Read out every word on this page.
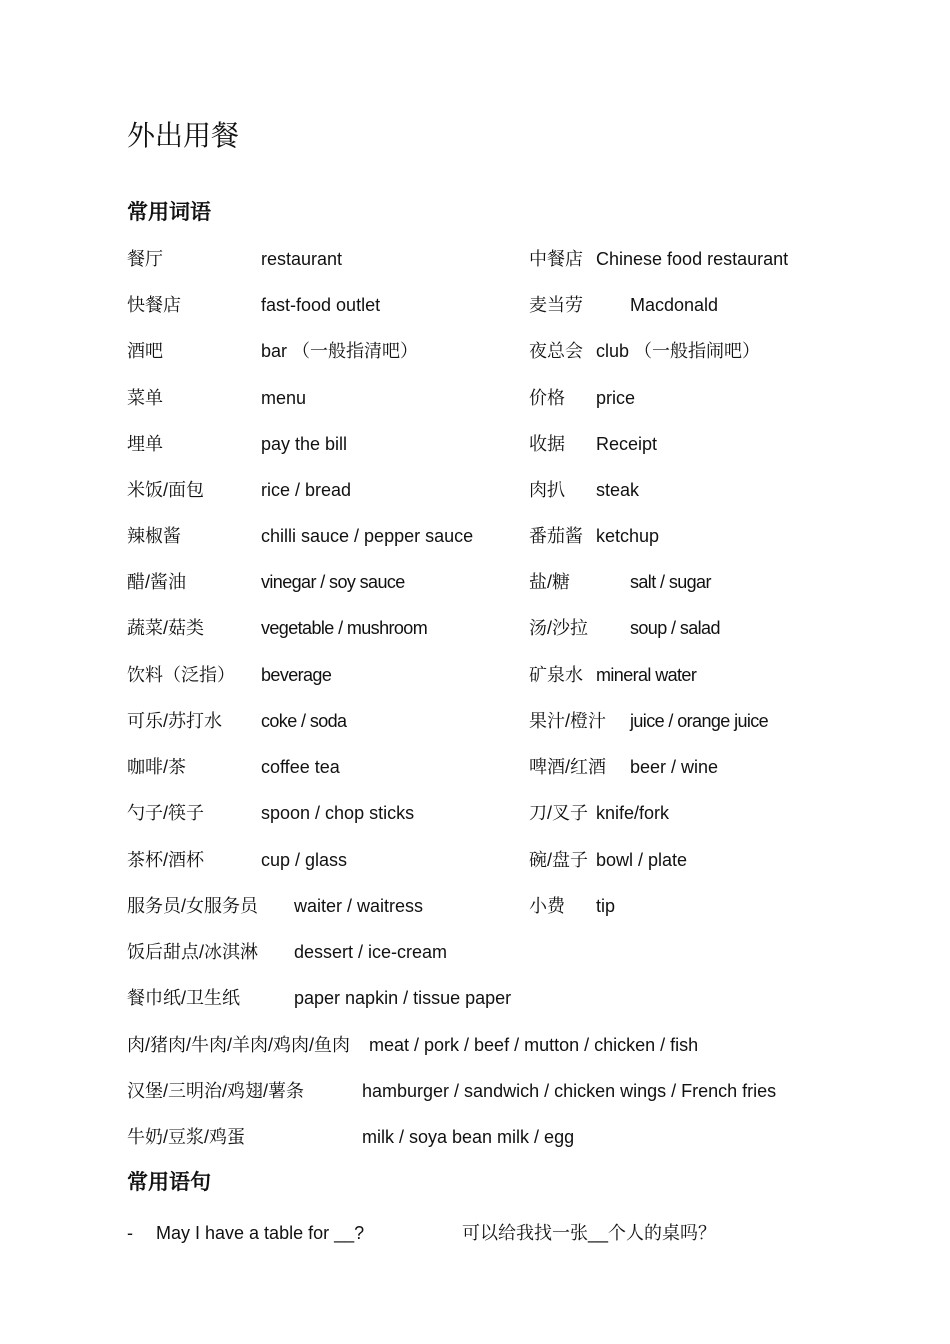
外出用餐
常用词语
餐厅	restaurant	中餐店 Chinese food restaurant
快餐店	fast-food outlet	麦当劳	Macdonald
酒吧	bar （一般指清吧）	夜总会 club （一般指闹吧）
菜单	menu	价格 price
埋单	pay the bill	收据 Receipt
米饭/面包	rice / bread	肉扒 steak
辣椒酱	chilli sauce / pepper sauce	番茄酱 ketchup
醋/酱油	vinegar / soy sauce	盐/糖	salt / sugar
蔬菜/菇类	vegetable / mushroom	汤/沙拉 soup / salad
饮料（泛指） beverage	矿泉水 mineral water
可乐/苏打水 coke / soda	果汁/橙汁 juice / orange juice
咖啡/茶	coffee tea	啤酒/红酒 beer / wine
勺子/筷子	spoon / chop sticks	刀/叉子 knife/fork
茶杯/酒杯	cup / glass	碗/盘子 bowl / plate
服务员/女服务员 waiter / waitress	小费 tip
饭后甜点/冰淇淋 dessert / ice-cream
餐巾纸/卫生纸	paper napkin / tissue paper
肉/猪肉/牛肉/羊肉/鸡肉/鱼肉 meat / pork / beef / mutton / chicken / fish
汉堡/三明治/鸡翅/薯条	hamburger / sandwich / chicken wings / French fries
牛奶/豆浆/鸡蛋	milk / soya bean milk / egg
常用语句
- May I have a table for __?	可以给我找一张__个人的桌吗？
